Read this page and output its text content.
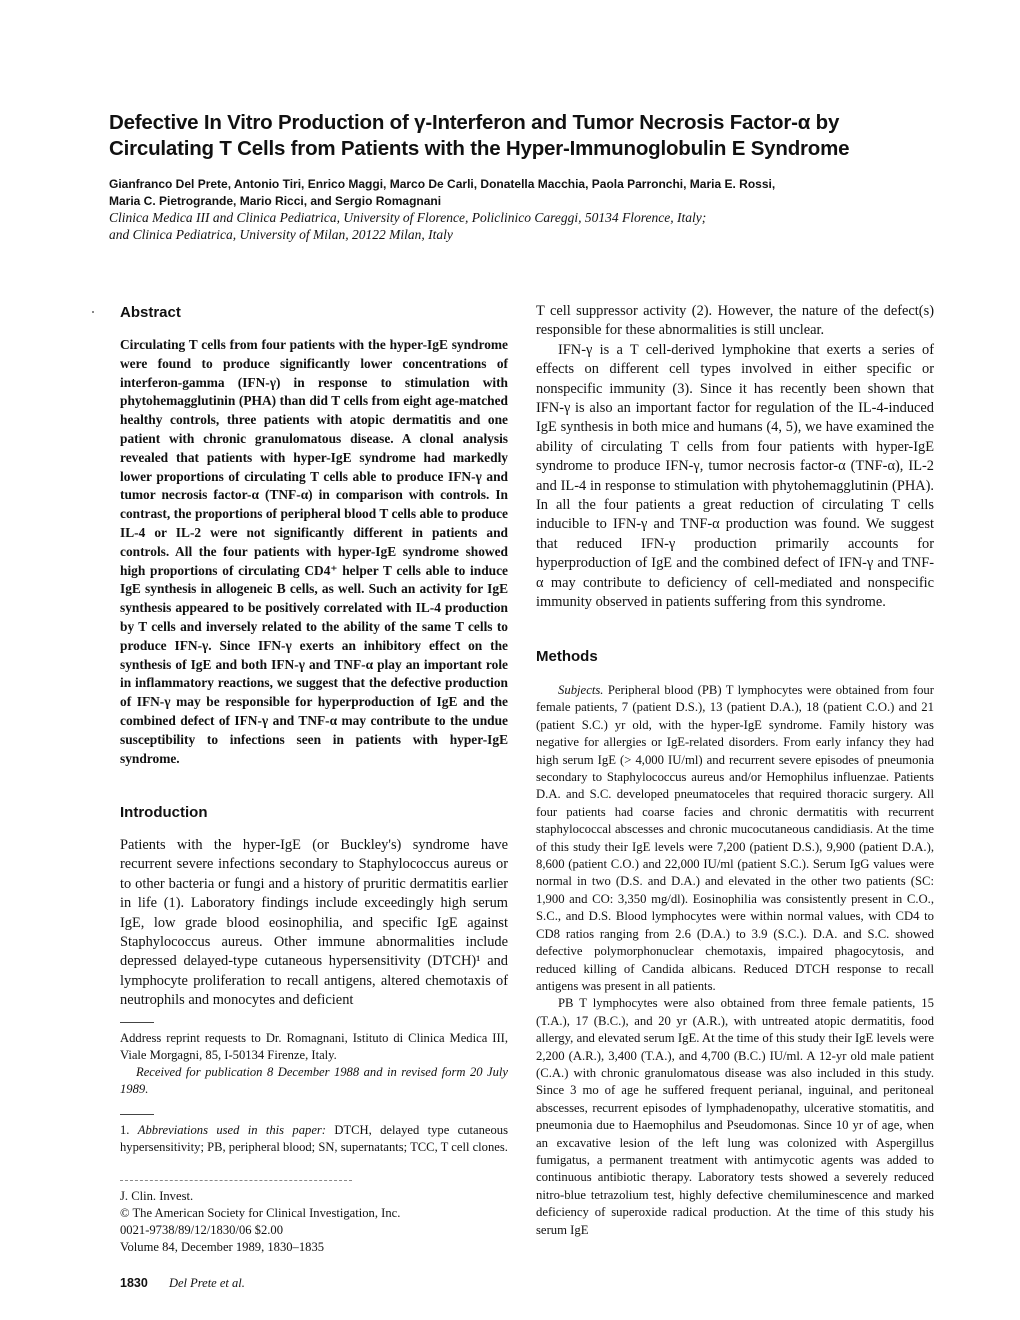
Defective In Vitro Production of γ-Interferon and Tumor Necrosis Factor-α by
Circulating T Cells from Patients with the Hyper-Immunoglobulin E Syndrome
Gianfranco Del Prete, Antonio Tiri, Enrico Maggi, Marco De Carli, Donatella Macchia, Paola Parronchi, Maria E. Rossi,
Maria C. Pietrogrande, Mario Ricci, and Sergio Romagnani
Clinica Medica III and Clinica Pediatrica, University of Florence, Policlinico Careggi, 50134 Florence, Italy;
and Clinica Pediatrica, University of Milan, 20122 Milan, Italy
Abstract
Circulating T cells from four patients with the hyper-IgE syndrome were found to produce significantly lower concentrations of interferon-gamma (IFN-γ) in response to stimulation with phytohemagglutinin (PHA) than did T cells from eight age-matched healthy controls, three patients with atopic dermatitis and one patient with chronic granulomatous disease. A clonal analysis revealed that patients with hyper-IgE syndrome had markedly lower proportions of circulating T cells able to produce IFN-γ and tumor necrosis factor-α (TNF-α) in comparison with controls. In contrast, the proportions of peripheral blood T cells able to produce IL-4 or IL-2 were not significantly different in patients and controls. All the four patients with hyper-IgE syndrome showed high proportions of circulating CD4⁺ helper T cells able to induce IgE synthesis in allogeneic B cells, as well. Such an activity for IgE synthesis appeared to be positively correlated with IL-4 production by T cells and inversely related to the ability of the same T cells to produce IFN-γ. Since IFN-γ exerts an inhibitory effect on the synthesis of IgE and both IFN-γ and TNF-α play an important role in inflammatory reactions, we suggest that the defective production of IFN-γ may be responsible for hyperproduction of IgE and the combined defect of IFN-γ and TNF-α may contribute to the undue susceptibility to infections seen in patients with hyper-IgE syndrome.
Introduction
Patients with the hyper-IgE (or Buckley's) syndrome have recurrent severe infections secondary to Staphylococcus aureus or to other bacteria or fungi and a history of pruritic dermatitis earlier in life (1). Laboratory findings include exceedingly high serum IgE, low grade blood eosinophilia, and specific IgE against Staphylococcus aureus. Other immune abnormalities include depressed delayed-type cutaneous hypersensitivity (DTCH)¹ and lymphocyte proliferation to recall antigens, altered chemotaxis of neutrophils and monocytes and deficient
Address reprint requests to Dr. Romagnani, Istituto di Clinica Medica III, Viale Morgagni, 85, I-50134 Firenze, Italy.
Received for publication 8 December 1988 and in revised form 20 July 1989.
1. Abbreviations used in this paper: DTCH, delayed type cutaneous hypersensitivity; PB, peripheral blood; SN, supernatants; TCC, T cell clones.
J. Clin. Invest.
© The American Society for Clinical Investigation, Inc.
0021-9738/89/12/1830/06 $2.00
Volume 84, December 1989, 1830–1835
1830 Del Prete et al.

T cell suppressor activity (2). However, the nature of the defect(s) responsible for these abnormalities is still unclear.

IFN-γ is a T cell-derived lymphokine that exerts a series of effects on different cell types involved in either specific or nonspecific immunity (3). Since it has recently been shown that IFN-γ is also an important factor for regulation of the IL-4-induced IgE synthesis in both mice and humans (4, 5), we have examined the ability of circulating T cells from four patients with hyper-IgE syndrome to produce IFN-γ, tumor necrosis factor-α (TNF-α), IL-2 and IL-4 in response to stimulation with phytohemagglutinin (PHA). In all the four patients a great reduction of circulating T cells inducible to IFN-γ and TNF-α production was found. We suggest that reduced IFN-γ production primarily accounts for hyperproduction of IgE and the combined defect of IFN-γ and TNF-α may contribute to deficiency of cell-mediated and nonspecific immunity observed in patients suffering from this syndrome.

Methods

Subjects. Peripheral blood (PB) T lymphocytes were obtained from four female patients, 7 (patient D.S.), 13 (patient D.A.), 18 (patient C.O.) and 21 (patient S.C.) yr old, with the hyper-IgE syndrome. Family history was negative for allergies or IgE-related disorders. From early infancy they had high serum IgE (> 4,000 IU/ml) and recurrent severe episodes of pneumonia secondary to Staphylococcus aureus and/or Hemophilus influenzae. Patients D.A. and S.C. developed pneumatoceles that required thoracic surgery. All four patients had coarse facies and chronic dermatitis with recurrent staphylococcal abscesses and chronic mucocutaneous candidiasis. At the time of this study their IgE levels were 7,200 (patient D.S.), 9,900 (patient D.A.), 8,600 (patient C.O.) and 22,000 IU/ml (patient S.C.). Serum IgG values were normal in two (D.S. and D.A.) and elevated in the other two patients (SC: 1,900 and CO: 3,350 mg/dl). Eosinophilia was consistently present in C.O., S.C., and D.S. Blood lymphocytes were within normal values, with CD4 to CD8 ratios ranging from 2.6 (D.A.) to 3.9 (S.C.). D.A. and S.C. showed defective polymorphonuclear chemotaxis, impaired phagocytosis, and reduced killing of Candida albicans. Reduced DTCH response to recall antigens was present in all patients.

PB T lymphocytes were also obtained from three female patients, 15 (T.A.), 17 (B.C.), and 20 yr (A.R.), with untreated atopic dermatitis, food allergy, and elevated serum IgE. At the time of this study their IgE levels were 2,200 (A.R.), 3,400 (T.A.), and 4,700 (B.C.) IU/ml. A 12-yr old male patient (C.A.) with chronic granulomatous disease was also included in this study. Since 3 mo of age he suffered frequent perianal, inguinal, and peritoneal abscesses, recurrent episodes of lymphadenopathy, ulcerative stomatitis, and pneumonia due to Haemophilus and Pseudomonas. Since 10 yr of age, when an excavative lesion of the left lung was colonized with Aspergillus fumigatus, a permanent treatment with antimycotic agents was added to continuous antibiotic therapy. Laboratory tests showed a severely reduced nitro-blue tetrazolium test, highly defective chemiluminescence and marked deficiency of superoxide radical production. At the time of this study his serum IgE
